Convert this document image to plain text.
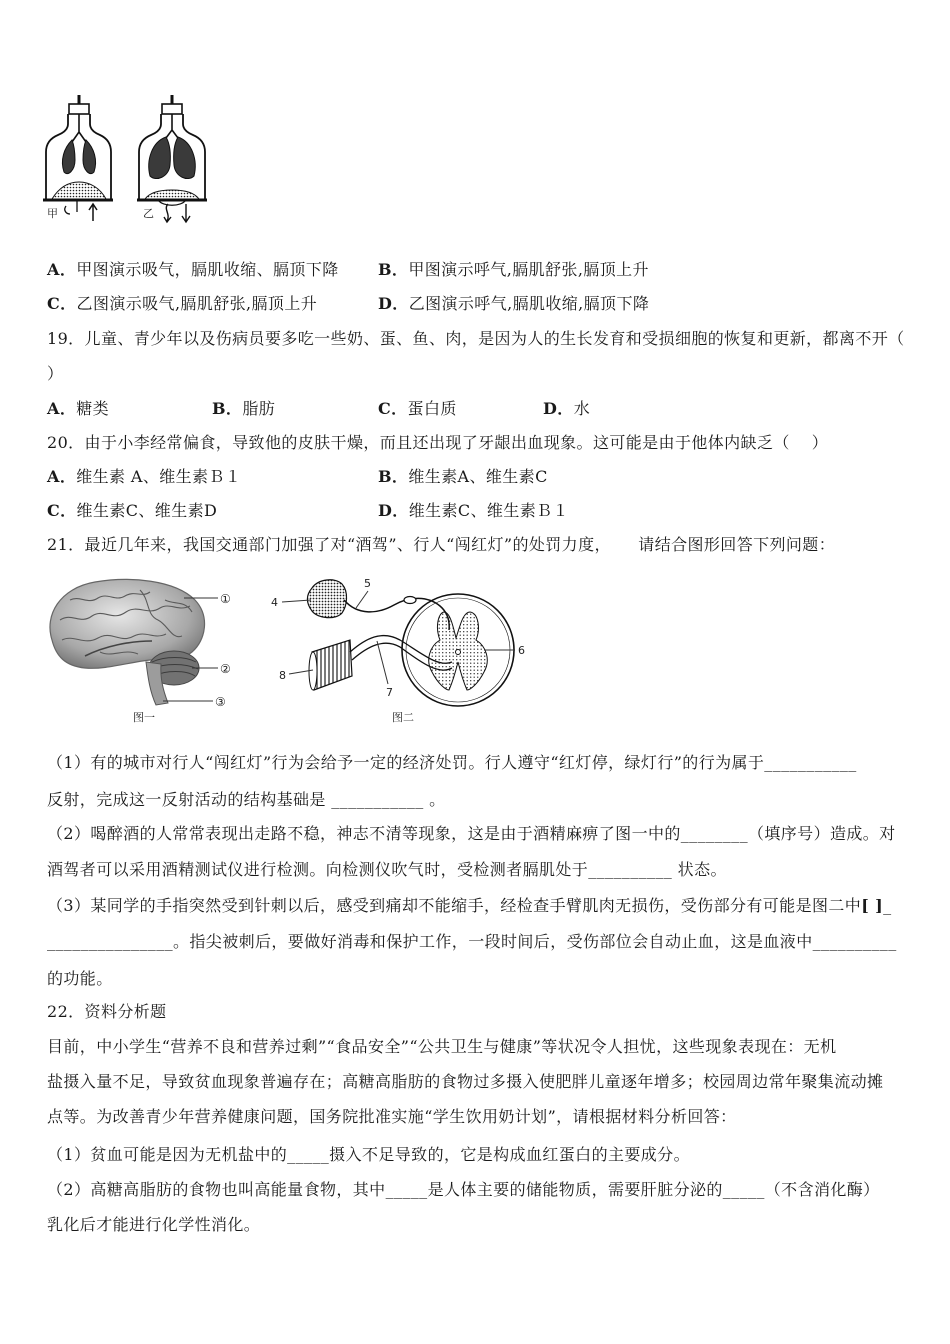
甲	乙
A．甲图演示吸气，膈肌收缩、膈顶下降 B．甲图演示呼气,膈肌舒张,膈顶上升
C．乙图演示吸气,膈肌舒张,膈顶上升	D．乙图演示呼气,膈肌收缩,膈顶下降
19．儿童、青少年以及伤病员要多吃一些奶、蛋、鱼、肉，是因为人的生长发育和受损细胞的恢复和更新，都离不开（
）
A．糖类	B．脂肪	C．蛋白质	D．水
20．由于小李经常偏食，导致他的皮肤干燥，而且还出现了牙龈出血现象。这可能是由于他体内缺乏（    ）
A．维生素 A、维生素Ｂ１	B．维生素A、维生素C
C．维生素C、维生素D	D．维生素C、维生素Ｂ１
21．最近几年来，我国交通部门加强了对“酒驾”、行人“闯红灯”的处罚力度，     请结合图形回答下列问题：
①
②
③
图一
4
5
6
7
8
图二
（1）有的城市对行人“闯红灯”行为会给予一定的经济处罚。行人遵守“红灯停，绿灯行”的行为属于___________
反射，完成这一反射活动的结构基础是 ___________ 。
（2）喝醉酒的人常常表现出走路不稳，神志不清等现象，这是由于酒精麻痹了图一中的________（填序号）造成。对
酒驾者可以采用酒精测试仪进行检测。向检测仪吹气时，受检测者膈肌处于__________ 状态。
（3）某同学的手指突然受到针刺以后，感受到痛却不能缩手，经检查手臂肌肉无损伤，受伤部分有可能是图二中[ ]_
_______________。指尖被刺后，要做好消毒和保护工作，一段时间后，受伤部位会自动止血，这是血液中__________
的功能。
22．资料分析题
目前，中小学生“营养不良和营养过剩”“食品安全”“公共卫生与健康”等状况令人担忧，这些现象表现在：无机
盐摄入量不足，导致贫血现象普遍存在；高糖高脂肪的食物过多摄入使肥胖儿童逐年增多；校园周边常年聚集流动摊
点等。为改善青少年营养健康问题，国务院批准实施“学生饮用奶计划”，请根据材料分析回答：
（1）贫血可能是因为无机盐中的_____摄入不足导致的，它是构成血红蛋白的主要成分。
（2）高糖高脂肪的食物也叫高能量食物，其中_____是人体主要的储能物质，需要肝脏分泌的_____（不含消化酶）
乳化后才能进行化学性消化。
